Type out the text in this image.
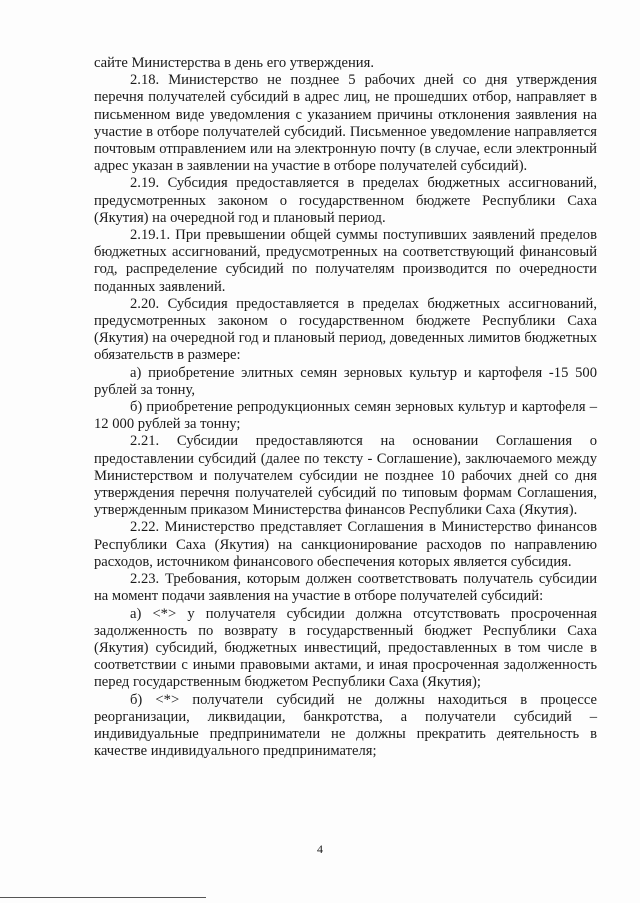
сайте Министерства в день его утверждения.

2.18. Министерство не позднее 5 рабочих дней со дня утверждения перечня получателей субсидий в адрес лиц, не прошедших отбор, направляет в письменном виде уведомления с указанием причины отклонения заявления на участие в отборе получателей субсидий. Письменное уведомление направляется почтовым отправлением или на электронную почту (в случае, если электронный адрес указан в заявлении на участие в отборе получателей субсидий).

2.19. Субсидия предоставляется в пределах бюджетных ассигнований, предусмотренных законом о государственном бюджете Республики Саха (Якутия) на очередной год и плановый период.

2.19.1. При превышении общей суммы поступивших заявлений пределов бюджетных ассигнований, предусмотренных на соответствующий финансовый год, распределение субсидий по получателям производится по очередности поданных заявлений.

2.20. Субсидия предоставляется в пределах бюджетных ассигнований, предусмотренных законом о государственном бюджете Республики Саха (Якутия) на очередной год и плановый период, доведенных лимитов бюджетных обязательств в размере:

а) приобретение элитных семян зерновых культур и картофеля -15 500 рублей за тонну,

б) приобретение репродукционных семян зерновых культур и картофеля – 12 000 рублей за тонну;

2.21. Субсидии предоставляются на основании Соглашения о предоставлении субсидий (далее по тексту - Соглашение), заключаемого между Министерством и получателем субсидии не позднее 10 рабочих дней со дня утверждения перечня получателей субсидий по типовым формам Соглашения, утвержденным приказом Министерства финансов Республики Саха (Якутия).

2.22. Министерство представляет Соглашения в Министерство финансов Республики Саха (Якутия) на санкционирование расходов по направлению расходов, источником финансового обеспечения которых является субсидия.

2.23. Требования, которым должен соответствовать получатель субсидии на момент подачи заявления на участие в отборе получателей субсидий:

а) <*> у получателя субсидии должна отсутствовать просроченная задолженность по возврату в государственный бюджет Республики Саха (Якутия) субсидий, бюджетных инвестиций, предоставленных в том числе в соответствии с иными правовыми актами, и иная просроченная задолженность перед государственным бюджетом Республики Саха (Якутия);

б) <*> получатели субсидий не должны находиться в процессе реорганизации, ликвидации, банкротства, а получатели субсидий – индивидуальные предприниматели не должны прекратить деятельность в качестве индивидуального предпринимателя;

4
